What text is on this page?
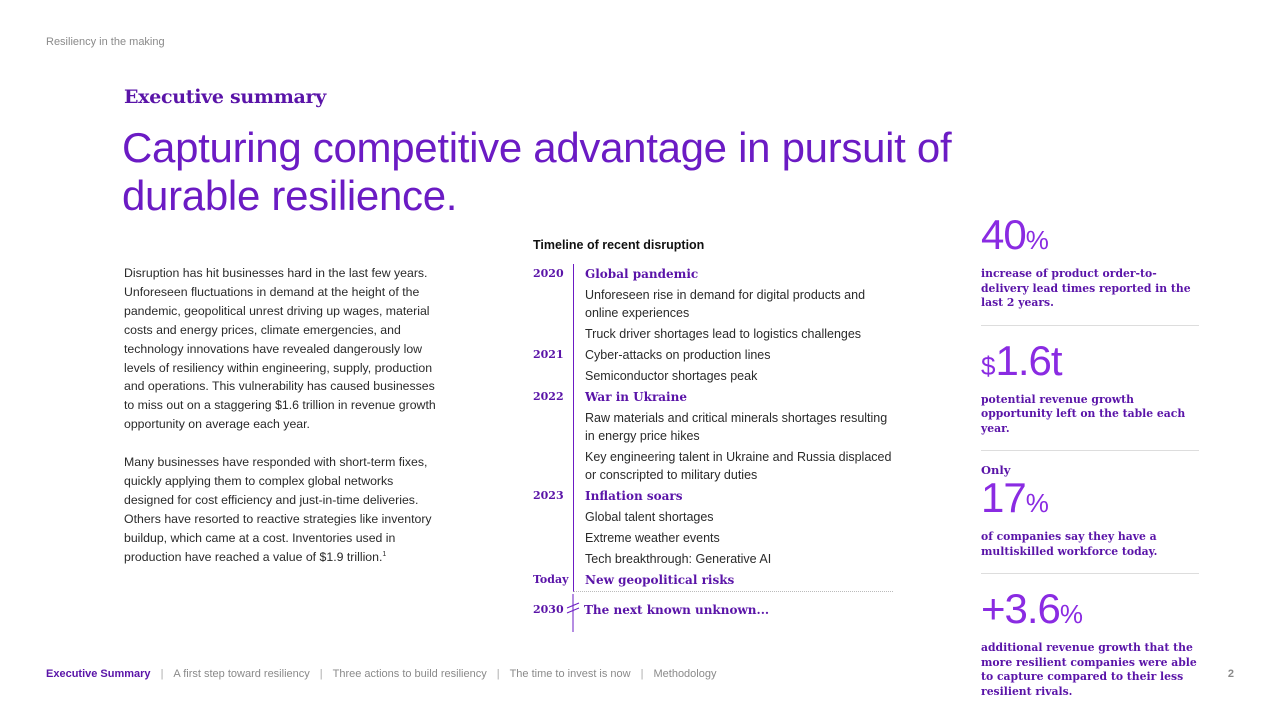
Resiliency in the making
Executive summary
Capturing competitive advantage in pursuit of durable resilience.

Disruption has hit businesses hard in the last few years. Unforeseen fluctuations in demand at the height of the pandemic, geopolitical unrest driving up wages, material costs and energy prices, climate emergencies, and technology innovations have revealed dangerously low levels of resiliency within engineering, supply, production and operations. This vulnerability has caused businesses to miss out on a staggering $1.6 trillion in revenue growth opportunity on average each year.

Many businesses have responded with short-term fixes, quickly applying them to complex global networks designed for cost efficiency and just-in-time deliveries. Others have resorted to reactive strategies like inventory buildup, which came at a cost. Inventories used in production have reached a value of $1.9 trillion.$^1$

Timeline of recent disruption
2020	Global pandemic
Unforeseen rise in demand for digital products and online experiences
Truck driver shortages lead to logistics challenges
2021	Cyber-attacks on production lines
Semiconductor shortages peak
2022	War in Ukraine
Raw materials and critical minerals shortages resulting in energy price hikes
Key engineering talent in Ukraine and Russia displaced or conscripted to military duties
2023	Inflation soars
Global talent shortages
Extreme weather events
Tech breakthrough: Generative AI
Today	New geopolitical risks
2030	The next known unknown...
40%
increase of product order-to-delivery lead times reported in the last 2 years.
$1.6t
potential revenue growth opportunity left on the table each year.
Only
17%
of companies say they have a multiskilled workforce today.
+3.6%
additional revenue growth that the more resilient companies were able to capture compared to their less resilient rivals.
Executive Summary | A first step toward resiliency | Three actions to build resiliency | The time to invest is now | Methodology	2
